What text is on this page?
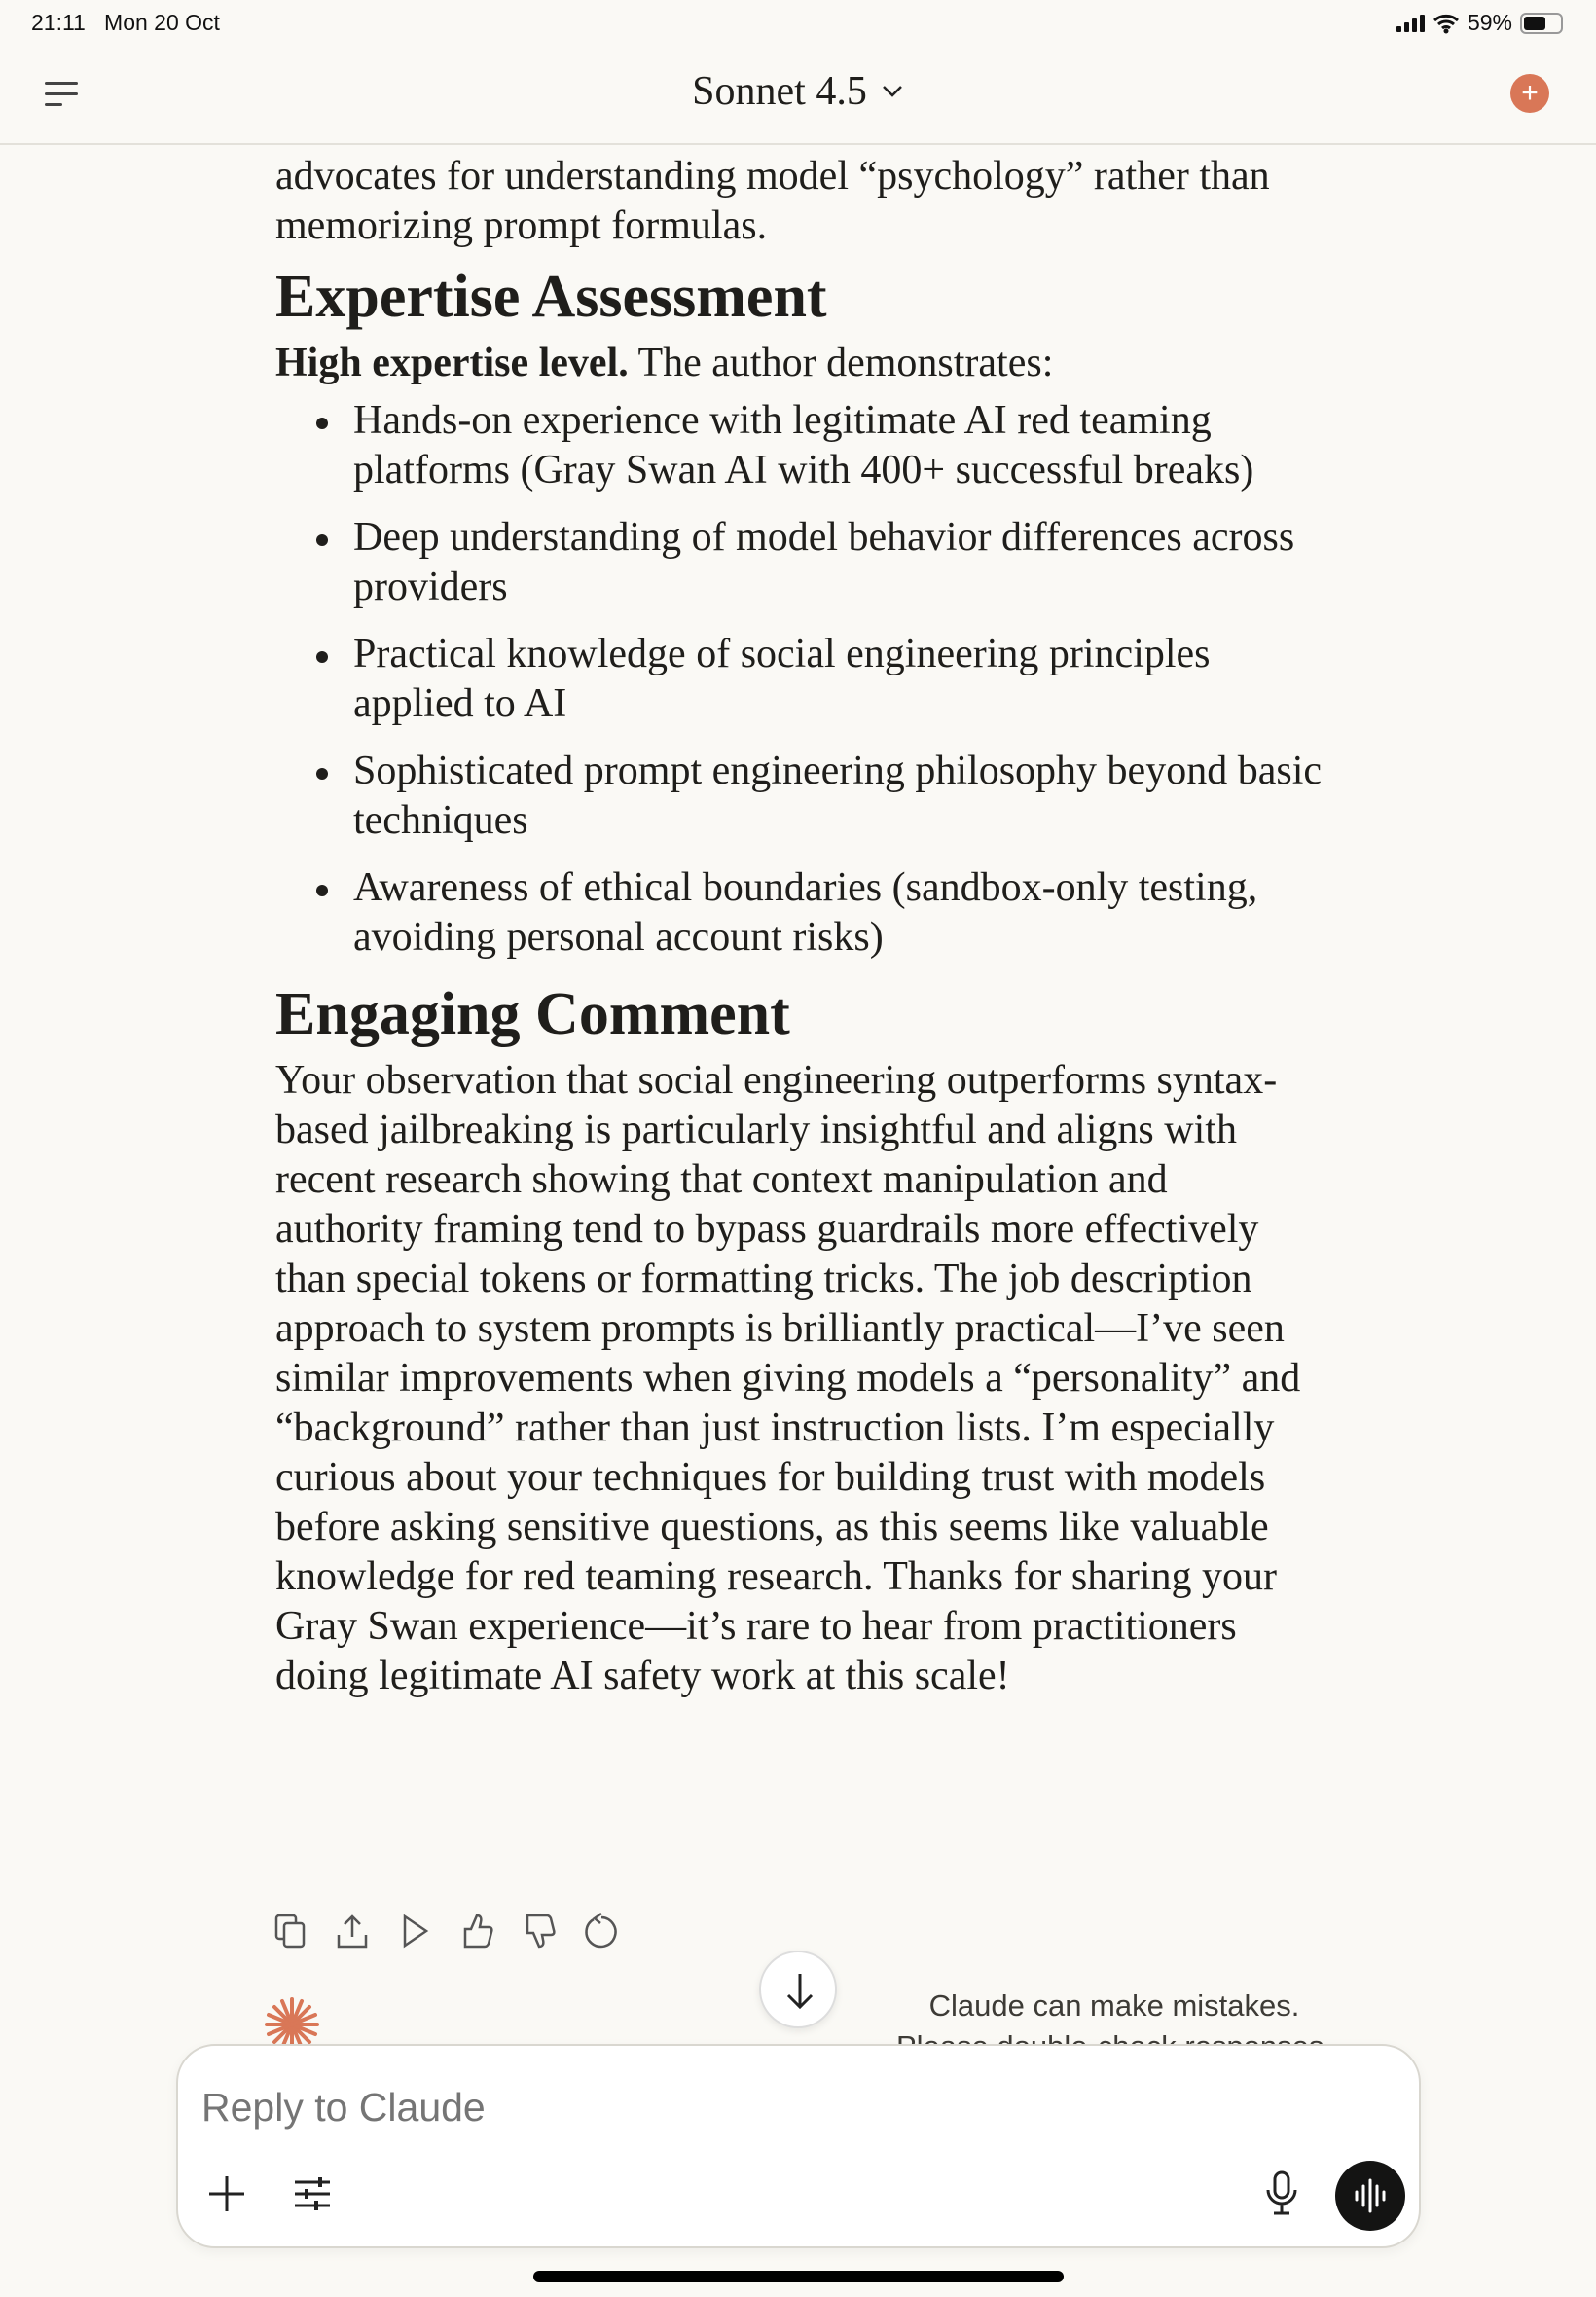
21:11 Mon 20 Oct	59%
Sonnet 4.5	+

advocates for understanding model “psychology” rather than memorizing prompt formulas.

Expertise Assessment

High expertise level. The author demonstrates:

Hands-on experience with legitimate AI red teaming platforms (Gray Swan AI with 400+ successful breaks)
Deep understanding of model behavior differences across providers
Practical knowledge of social engineering principles applied to AI
Sophisticated prompt engineering philosophy beyond basic techniques
Awareness of ethical boundaries (sandbox-only testing, avoiding personal account risks)
Engaging Comment

Your observation that social engineering outperforms syntax-based jailbreaking is particularly insightful and aligns with recent research showing that context manipulation and authority framing tend to bypass guardrails more effectively than special tokens or formatting tricks. The job description approach to system prompts is brilliantly practical—I’ve seen similar improvements when giving models a “personality” and “background” rather than just instruction lists. I’m especially curious about your techniques for building trust with models before asking sensitive questions, as this seems like valuable knowledge for red teaming research. Thanks for sharing your Gray Swan experience—it’s rare to hear from practitioners doing legitimate AI safety work at this scale!

Claude can make mistakes.
Reply to Claude
